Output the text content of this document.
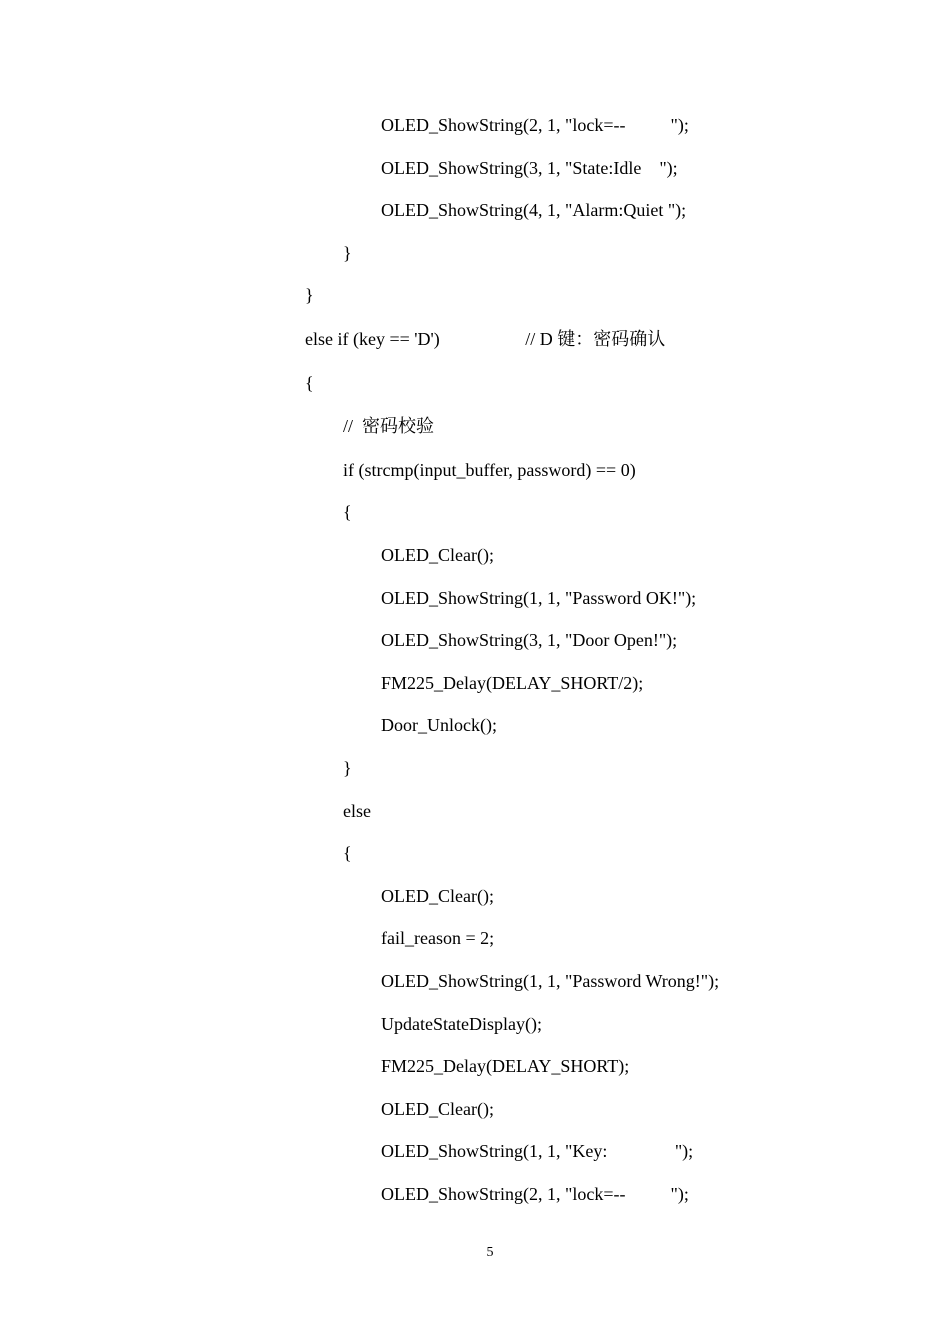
OLED_ShowString(2, 1, "lock=--          ");
OLED_ShowString(3, 1, "State:Idle    ");
OLED_ShowString(4, 1, "Alarm:Quiet ");
}
}
else if (key == 'D')                   // D 键：密码确认
{
//  密码校验
if (strcmp(input_buffer, password) == 0)
{
OLED_Clear();
OLED_ShowString(1, 1, "Password OK!");
OLED_ShowString(3, 1, "Door Open!");
FM225_Delay(DELAY_SHORT/2);
Door_Unlock();
}
else
{
OLED_Clear();
fail_reason = 2;
OLED_ShowString(1, 1, "Password Wrong!");
UpdateStateDisplay();
FM225_Delay(DELAY_SHORT);
OLED_Clear();
OLED_ShowString(1, 1, "Key:               ");
OLED_ShowString(2, 1, "lock=--          ");
5
